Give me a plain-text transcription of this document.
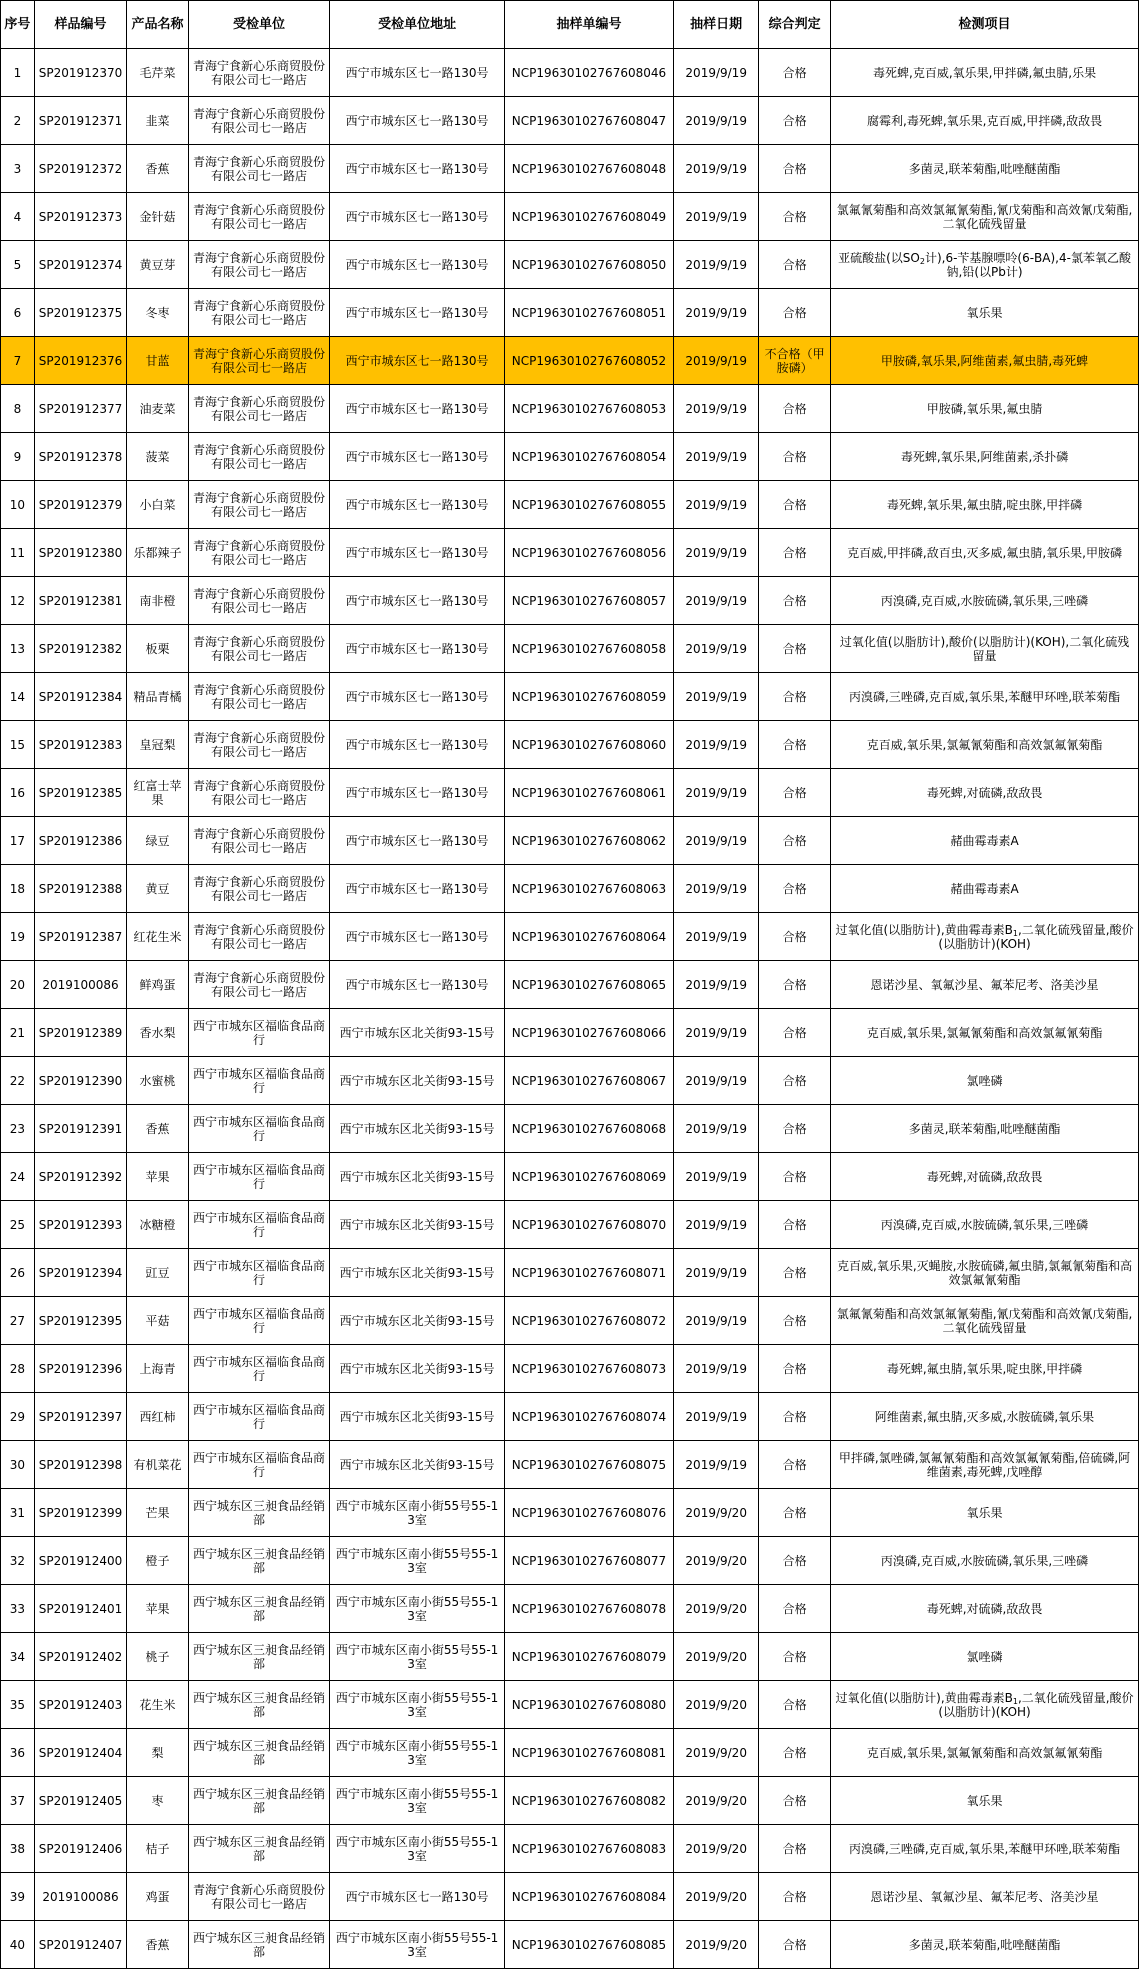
序号	样品编号	产品名称	受检单位	受检单位地址	抽样单编号	抽样日期	综合判定	检测项目
1	SP201912370	毛芹菜	青海宁食新心乐商贸股份有限公司七一路店	西宁市城东区七一路130号	NCP19630102767608046	2019/9/19	合格	毒死蜱,克百威,氧乐果,甲拌磷,氟虫腈,乐果
2	SP201912371	韭菜	青海宁食新心乐商贸股份有限公司七一路店	西宁市城东区七一路130号	NCP19630102767608047	2019/9/19	合格	腐霉利,毒死蜱,氧乐果,克百威,甲拌磷,敌敌畏
3	SP201912372	香蕉	青海宁食新心乐商贸股份有限公司七一路店	西宁市城东区七一路130号	NCP19630102767608048	2019/9/19	合格	多菌灵,联苯菊酯,吡唑醚菌酯
4	SP201912373	金针菇	青海宁食新心乐商贸股份有限公司七一路店	西宁市城东区七一路130号	NCP19630102767608049	2019/9/19	合格	氯氟氰菊酯和高效氯氟氰菊酯,氰戊菊酯和高效氰戊菊酯,二氧化硫残留量
5	SP201912374	黄豆芽	青海宁食新心乐商贸股份有限公司七一路店	西宁市城东区七一路130号	NCP19630102767608050	2019/9/19	合格	亚硫酸盐(以$SO_2$计),6-苄基腺嘌呤(6-BA),4-氯苯氧乙酸钠,铅(以Pb计)
6	SP201912375	冬枣	青海宁食新心乐商贸股份有限公司七一路店	西宁市城东区七一路130号	NCP19630102767608051	2019/9/19	合格	氧乐果
7	SP201912376	甘蓝	青海宁食新心乐商贸股份有限公司七一路店	西宁市城东区七一路130号	NCP19630102767608052	2019/9/19	不合格（甲胺磷）	甲胺磷,氧乐果,阿维菌素,氟虫腈,毒死蜱
8	SP201912377	油麦菜	青海宁食新心乐商贸股份有限公司七一路店	西宁市城东区七一路130号	NCP19630102767608053	2019/9/19	合格	甲胺磷,氧乐果,氟虫腈
9	SP201912378	菠菜	青海宁食新心乐商贸股份有限公司七一路店	西宁市城东区七一路130号	NCP19630102767608054	2019/9/19	合格	毒死蜱,氧乐果,阿维菌素,杀扑磷
10	SP201912379	小白菜	青海宁食新心乐商贸股份有限公司七一路店	西宁市城东区七一路130号	NCP19630102767608055	2019/9/19	合格	毒死蜱,氧乐果,氟虫腈,啶虫脒,甲拌磷
11	SP201912380	乐都辣子	青海宁食新心乐商贸股份有限公司七一路店	西宁市城东区七一路130号	NCP19630102767608056	2019/9/19	合格	克百威,甲拌磷,敌百虫,灭多威,氟虫腈,氧乐果,甲胺磷
12	SP201912381	南非橙	青海宁食新心乐商贸股份有限公司七一路店	西宁市城东区七一路130号	NCP19630102767608057	2019/9/19	合格	丙溴磷,克百威,水胺硫磷,氧乐果,三唑磷
13	SP201912382	板栗	青海宁食新心乐商贸股份有限公司七一路店	西宁市城东区七一路130号	NCP19630102767608058	2019/9/19	合格	过氧化值(以脂肪计),酸价(以脂肪计)(KOH),二氧化硫残留量
14	SP201912384	精品青橘	青海宁食新心乐商贸股份有限公司七一路店	西宁市城东区七一路130号	NCP19630102767608059	2019/9/19	合格	丙溴磷,三唑磷,克百威,氧乐果,苯醚甲环唑,联苯菊酯
15	SP201912383	皇冠梨	青海宁食新心乐商贸股份有限公司七一路店	西宁市城东区七一路130号	NCP19630102767608060	2019/9/19	合格	克百威,氧乐果,氯氟氰菊酯和高效氯氟氰菊酯
16	SP201912385	红富士苹果	青海宁食新心乐商贸股份有限公司七一路店	西宁市城东区七一路130号	NCP19630102767608061	2019/9/19	合格	毒死蜱,对硫磷,敌敌畏
17	SP201912386	绿豆	青海宁食新心乐商贸股份有限公司七一路店	西宁市城东区七一路130号	NCP19630102767608062	2019/9/19	合格	赭曲霉毒素A
18	SP201912388	黄豆	青海宁食新心乐商贸股份有限公司七一路店	西宁市城东区七一路130号	NCP19630102767608063	2019/9/19	合格	赭曲霉毒素A
19	SP201912387	红花生米	青海宁食新心乐商贸股份有限公司七一路店	西宁市城东区七一路130号	NCP19630102767608064	2019/9/19	合格	过氧化值(以脂肪计),黄曲霉毒素$B_1$,二氧化硫残留量,酸价(以脂肪计)(KOH)
20	2019100086	鲜鸡蛋	青海宁食新心乐商贸股份有限公司七一路店	西宁市城东区七一路130号	NCP19630102767608065	2019/9/19	合格	恩诺沙星、氧氟沙星、氟苯尼考、洛美沙星
21	SP201912389	香水梨	西宁市城东区福临食品商行	西宁市城东区北关街93-15号	NCP19630102767608066	2019/9/19	合格	克百威,氧乐果,氯氟氰菊酯和高效氯氟氰菊酯
22	SP201912390	水蜜桃	西宁市城东区福临食品商行	西宁市城东区北关街93-15号	NCP19630102767608067	2019/9/19	合格	氯唑磷
23	SP201912391	香蕉	西宁市城东区福临食品商行	西宁市城东区北关街93-15号	NCP19630102767608068	2019/9/19	合格	多菌灵,联苯菊酯,吡唑醚菌酯
24	SP201912392	苹果	西宁市城东区福临食品商行	西宁市城东区北关街93-15号	NCP19630102767608069	2019/9/19	合格	毒死蜱,对硫磷,敌敌畏
25	SP201912393	冰糖橙	西宁市城东区福临食品商行	西宁市城东区北关街93-15号	NCP19630102767608070	2019/9/19	合格	丙溴磷,克百威,水胺硫磷,氧乐果,三唑磷
26	SP201912394	豇豆	西宁市城东区福临食品商行	西宁市城东区北关街93-15号	NCP19630102767608071	2019/9/19	合格	克百威,氧乐果,灭蝇胺,水胺硫磷,氟虫腈,氯氟氰菊酯和高效氯氟氰菊酯
27	SP201912395	平菇	西宁市城东区福临食品商行	西宁市城东区北关街93-15号	NCP19630102767608072	2019/9/19	合格	氯氟氰菊酯和高效氯氟氰菊酯,氰戊菊酯和高效氰戊菊酯,二氧化硫残留量
28	SP201912396	上海青	西宁市城东区福临食品商行	西宁市城东区北关街93-15号	NCP19630102767608073	2019/9/19	合格	毒死蜱,氟虫腈,氧乐果,啶虫脒,甲拌磷
29	SP201912397	西红柿	西宁市城东区福临食品商行	西宁市城东区北关街93-15号	NCP19630102767608074	2019/9/19	合格	阿维菌素,氟虫腈,灭多威,水胺硫磷,氧乐果
30	SP201912398	有机菜花	西宁市城东区福临食品商行	西宁市城东区北关街93-15号	NCP19630102767608075	2019/9/19	合格	甲拌磷,氯唑磷,氯氟氰菊酯和高效氯氟氰菊酯,倍硫磷,阿维菌素,毒死蜱,戊唑醇
31	SP201912399	芒果	西宁城东区三昶食品经销部	西宁市城东区南小街55号55-13室	NCP19630102767608076	2019/9/20	合格	氧乐果
32	SP201912400	橙子	西宁城东区三昶食品经销部	西宁市城东区南小街55号55-13室	NCP19630102767608077	2019/9/20	合格	丙溴磷,克百威,水胺硫磷,氧乐果,三唑磷
33	SP201912401	苹果	西宁城东区三昶食品经销部	西宁市城东区南小街55号55-13室	NCP19630102767608078	2019/9/20	合格	毒死蜱,对硫磷,敌敌畏
34	SP201912402	桃子	西宁城东区三昶食品经销部	西宁市城东区南小街55号55-13室	NCP19630102767608079	2019/9/20	合格	氯唑磷
35	SP201912403	花生米	西宁城东区三昶食品经销部	西宁市城东区南小街55号55-13室	NCP19630102767608080	2019/9/20	合格	过氧化值(以脂肪计),黄曲霉毒素$B_1$,二氧化硫残留量,酸价(以脂肪计)(KOH)
36	SP201912404	梨	西宁城东区三昶食品经销部	西宁市城东区南小街55号55-13室	NCP19630102767608081	2019/9/20	合格	克百威,氧乐果,氯氟氰菊酯和高效氯氟氰菊酯
37	SP201912405	枣	西宁城东区三昶食品经销部	西宁市城东区南小街55号55-13室	NCP19630102767608082	2019/9/20	合格	氧乐果
38	SP201912406	桔子	西宁城东区三昶食品经销部	西宁市城东区南小街55号55-13室	NCP19630102767608083	2019/9/20	合格	丙溴磷,三唑磷,克百威,氧乐果,苯醚甲环唑,联苯菊酯
39	2019100086	鸡蛋	青海宁食新心乐商贸股份有限公司七一路店	西宁市城东区七一路130号	NCP19630102767608084	2019/9/20	合格	恩诺沙星、氧氟沙星、氟苯尼考、洛美沙星
40	SP201912407	香蕉	西宁城东区三昶食品经销部	西宁市城东区南小街55号55-13室	NCP19630102767608085	2019/9/20	合格	多菌灵,联苯菊酯,吡唑醚菌酯
